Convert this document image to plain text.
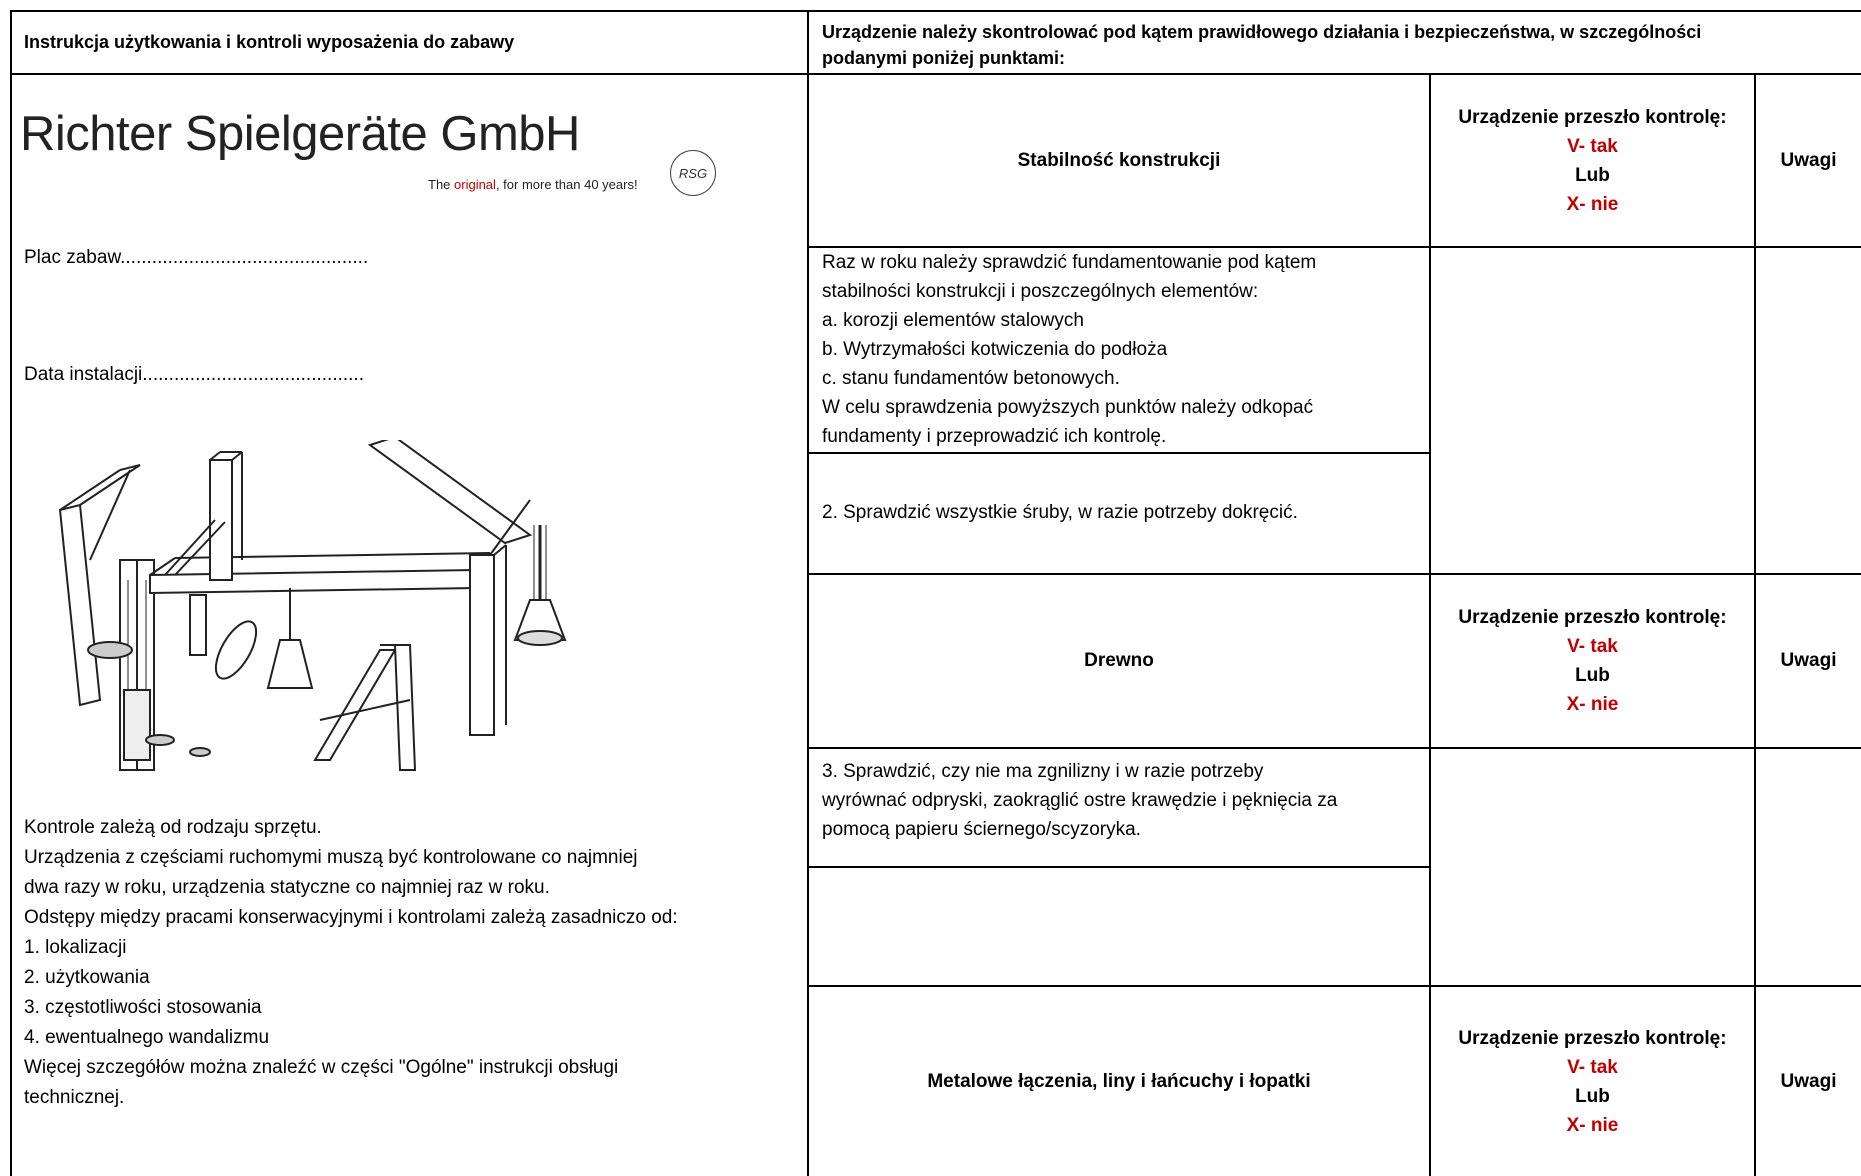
Instrukcja użytkowania i kontroli wyposażenia do zabawy	Urządzenie należy skontrolować pod kątem prawidłowego działania i bezpieczeństwa, w szczególności
podanymi poniżej punktami:
Richter Spielgeräte GmbH
The original, for more than 40 years!
RSG
Plac zabaw...............................................
Data instalacji..........................................
Kontrole zależą od rodzaju sprzętu.
Urządzenia z częściami ruchomymi muszą być kontrolowane co najmniej
dwa razy w roku, urządzenia statyczne co najmniej raz w roku.
Odstępy między pracami konserwacyjnymi i kontrolami zależą zasadniczo od:
1. lokalizacji
2. użytkowania
3. częstotliwości stosowania
4. ewentualnego wandalizmu
Więcej szczegółów można znaleźć w części "Ogólne" instrukcji obsługi
technicznej.
Stabilność konstrukcji
Urządzenie przeszło kontrolę:
V- tak
Lub
X- nie
Uwagi
Raz w roku należy sprawdzić fundamentowanie pod kątem
stabilności konstrukcji i poszczególnych elementów:
a. korozji elementów stalowych
b. Wytrzymałości kotwiczenia do podłoża
c. stanu fundamentów betonowych.
W celu sprawdzenia powyższych punktów należy odkopać
fundamenty i przeprowadzić ich kontrolę.
2. Sprawdzić wszystkie śruby, w razie potrzeby dokręcić.
Drewno
Urządzenie przeszło kontrolę:
V- tak
Lub
X- nie
Uwagi
3. Sprawdzić, czy nie ma zgnilizny i w razie potrzeby
wyrównać odpryski, zaokrąglić ostre krawędzie i pęknięcia za
pomocą papieru ściernego/scyzoryka.
Metalowe łączenia, liny i łańcuchy i łopatki
Urządzenie przeszło kontrolę:
V- tak
Lub
X- nie
Uwagi
